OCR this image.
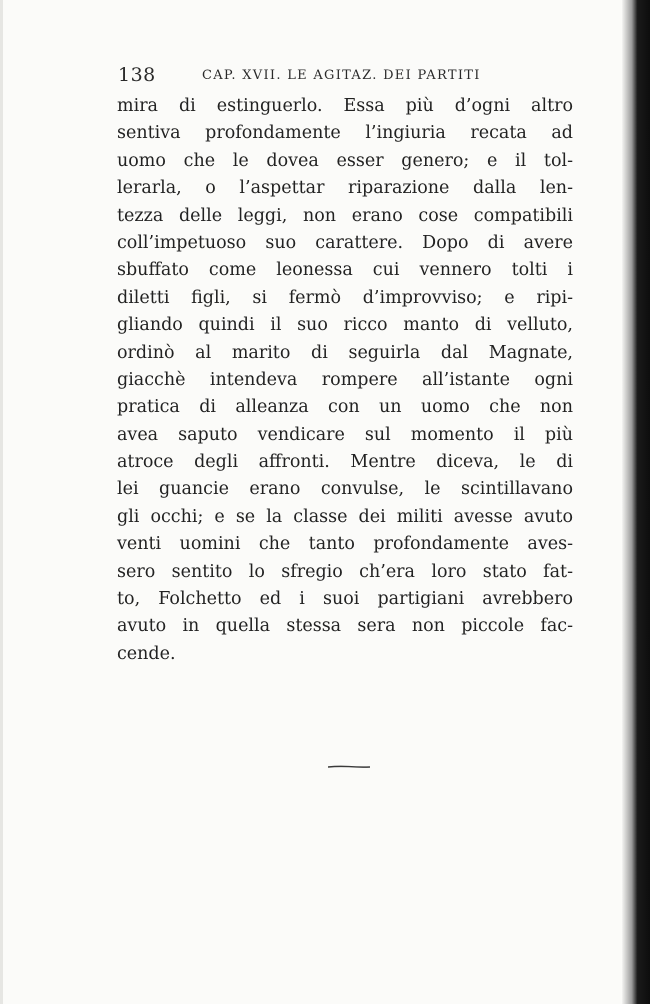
138	CAP. XVII. LE AGITAZ. DEI PARTITI
mira di estinguerlo. Essa più d’ogni altro
sentiva profondamente l’ingiuria recata ad
uomo che le dovea esser genero; e il tol-
lerarla, o l’aspettar riparazione dalla len-
tezza delle leggi, non erano cose compatibili
coll’impetuoso suo carattere. Dopo di avere
sbuffato come leonessa cui vennero tolti i
diletti figli, si fermò d’improvviso; e ripi-
gliando quindi il suo ricco manto di velluto,
ordinò al marito di seguirla dal Magnate,
giacchè intendeva rompere all’istante ogni
pratica di alleanza con un uomo che non
avea saputo vendicare sul momento il più
atroce degli affronti. Mentre diceva, le di
lei guancie erano convulse, le scintillavano
gli occhi; e se la classe dei militi avesse avuto
venti uomini che tanto profondamente aves-
sero sentito lo sfregio ch’era loro stato fat-
to, Folchetto ed i suoi partigiani avrebbero
avuto in quella stessa sera non piccole fac-
cende.
